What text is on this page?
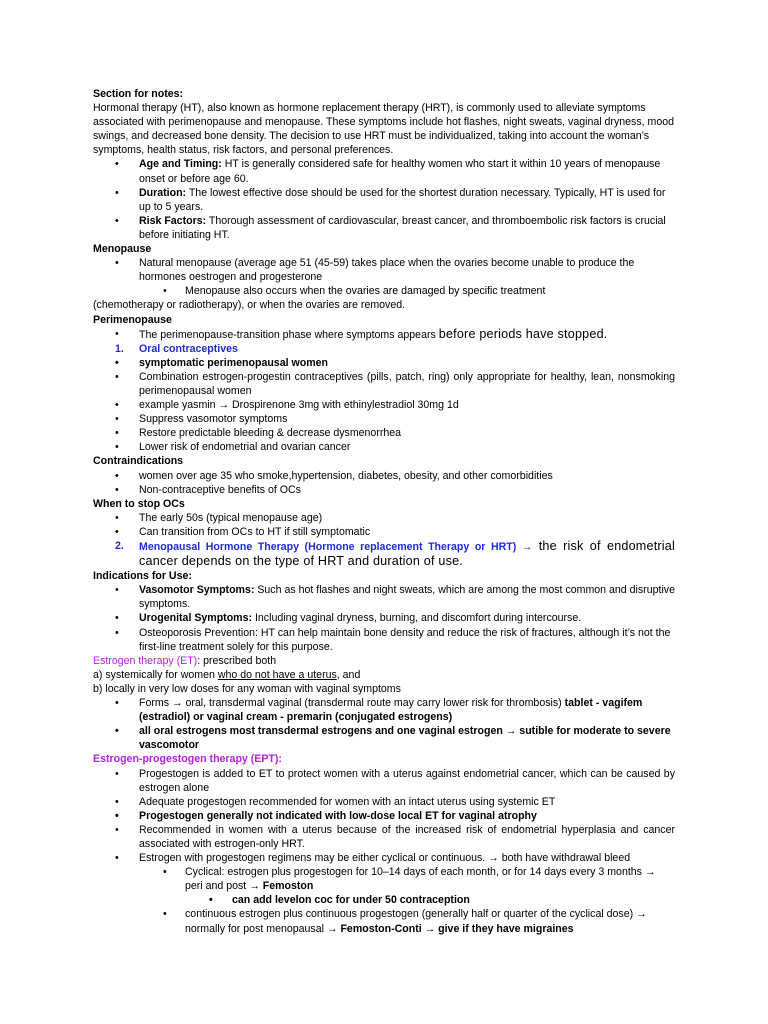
Section for notes:

Hormonal therapy (HT), also known as hormone replacement therapy (HRT), is commonly used to alleviate symptoms associated with perimenopause and menopause. These symptoms include hot flashes, night sweats, vaginal dryness, mood swings, and decreased bone density. The decision to use HRT must be individualized, taking into account the woman’s symptoms, health status, risk factors, and personal preferences.

•	Age and Timing: HT is generally considered safe for healthy women who start it within 10 years of menopause onset or before age 60.

•	Duration: The lowest effective dose should be used for the shortest duration necessary. Typically, HT is used for up to 5 years.

•	Risk Factors: Thorough assessment of cardiovascular, breast cancer, and thromboembolic risk factors is crucial before initiating HT.

Menopause

•	Natural menopause (average age 51 (45-59) takes place when the ovaries become unable to produce the hormones oestrogen and progesterone

• Menopause also occurs when the ovaries are damaged by specific treatment

(chemotherapy or radiotherapy), or when the ovaries are removed.

Perimenopause

•	The perimenopause-transition phase where symptoms appears before periods have stopped.

1.	Oral contraceptives

•	symptomatic perimenopausal women

•	Combination estrogen-progestin contraceptives (pills, patch, ring) only appropriate for healthy, lean, nonsmoking perimenopausal women

•	example yasmin → Drospirenone 3mg with ethinylestradiol 30mg 1d

•	Suppress vasomotor symptoms

•	Restore predictable bleeding & decrease dysmenorrhea

•	Lower risk of endometrial and ovarian cancer

Contraindications

•	women over age 35 who smoke,hypertension, diabetes, obesity, and other comorbidities

•	Non-contraceptive benefits of OCs

When to stop OCs

•	The early 50s (typical menopause age)

•	Can transition from OCs to HT if still symptomatic

2.	Menopausal Hormone Therapy (Hormone replacement Therapy or HRT) → the risk of endometrial cancer depends on the type of HRT and duration of use.

Indications for Use:

•	Vasomotor Symptoms: Such as hot flashes and night sweats, which are among the most common and disruptive symptoms.

•	Urogenital Symptoms: Including vaginal dryness, burning, and discomfort during intercourse.

•	Osteoporosis Prevention: HT can help maintain bone density and reduce the risk of fractures, although it’s not the first-line treatment solely for this purpose.

Estrogen therapy (ET): prescribed both

a) systemically for women who do not have a uterus, and

b) locally in very low doses for any woman with vaginal symptoms

•	Forms → oral, transdermal vaginal (transdermal route may carry lower risk for thrombosis) tablet - vagifem (estradiol) or vaginal cream - premarin (conjugated estrogens)

•	all oral estrogens most transdermal estrogens and one vaginal estrogen → sutible for moderate to severe vascomotor

Estrogen-progestogen therapy (EPT):

•	Progestogen is added to ET to protect women with a uterus against endometrial cancer, which can be caused by estrogen alone

•	Adequate progestogen recommended for women with an intact uterus using systemic ET

•	Progestogen generally not indicated with low-dose local ET for vaginal atrophy

•	Recommended in women with a uterus because of the increased risk of endometrial hyperplasia and cancer associated with estrogen-only HRT.

•	Estrogen with progestogen regimens may be either cyclical or continuous. → both have withdrawal bleed

• Cyclical: estrogen plus progestogen for 10–14 days of each month, or for 14 days every 3 months → peri and post → Femoston

• can add levelon coc for under 50 contraception

• continuous estrogen plus continuous progestogen (generally half or quarter of the cyclical dose) → normally for post menopausal → Femoston-Conti → give if they have migraines
